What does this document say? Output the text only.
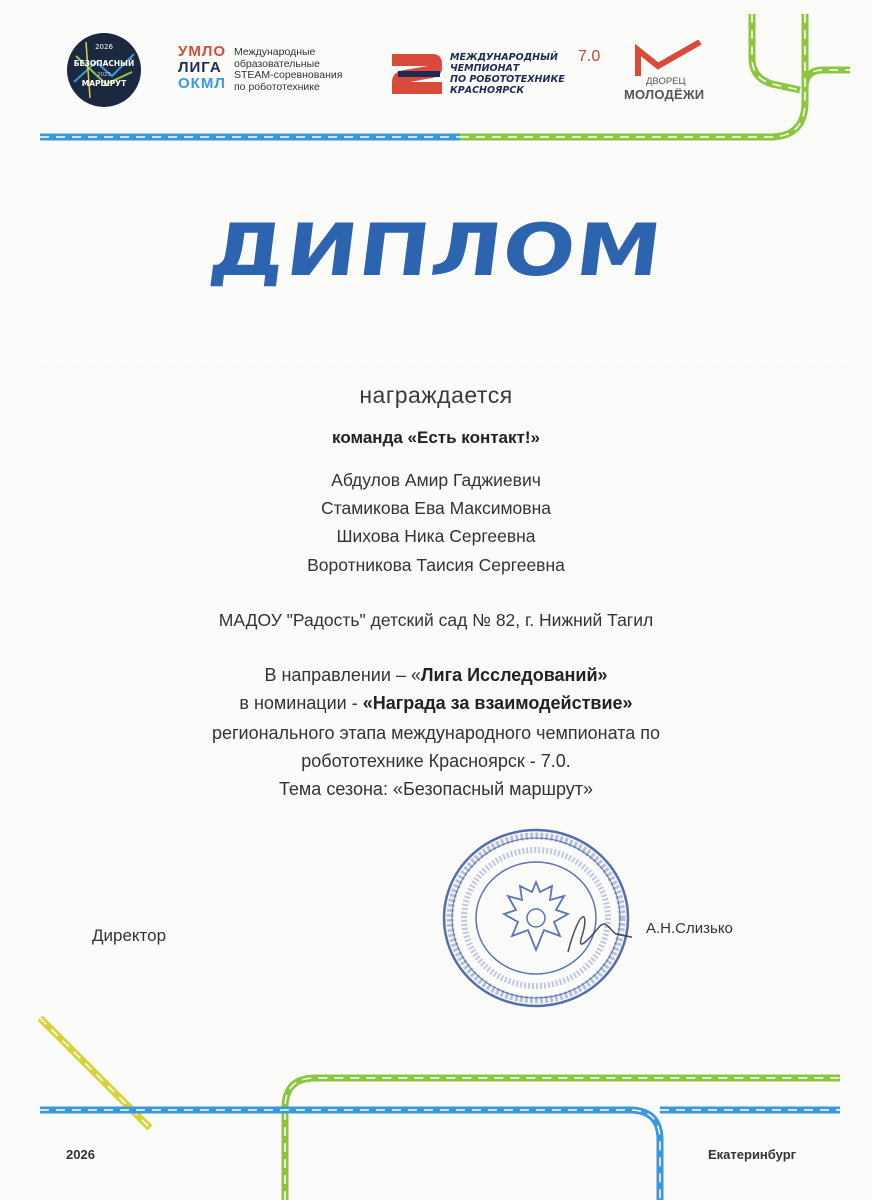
2026
БЕЗОПАСНЫЙ
2025
МАРШРУТ
УМЛО
ЛИГА
ОКМЛ
Международные
образовательные
STEAM-соревнования
по робототехнике
МЕЖДУНАРОДНЫЙ
ЧЕМПИОНАТ
ПО РОБОТОТЕХНИКЕ
КРАСНОЯРСК
7.0
ДВОРЕЦ
МОЛОДЁЖИ
ДИПЛОМ
награждается
команда «Есть контакт!»
Абдулов Амир Гаджиевич
Стамикова Ева Максимовна
Шихова Ника Сергеевна
Воротникова Таисия Сергеевна
МАДОУ "Радость" детский сад № 82, г. Нижний Тагил
В направлении – «Лига Исследований»
в номинации - «Награда за взаимодействие»
регионального этапа международного чемпионата по
робототехнике Красноярск - 7.0.
Тема сезона: «Безопасный маршрут»
Директор	А.Н.Слизько
2026	Екатеринбург
